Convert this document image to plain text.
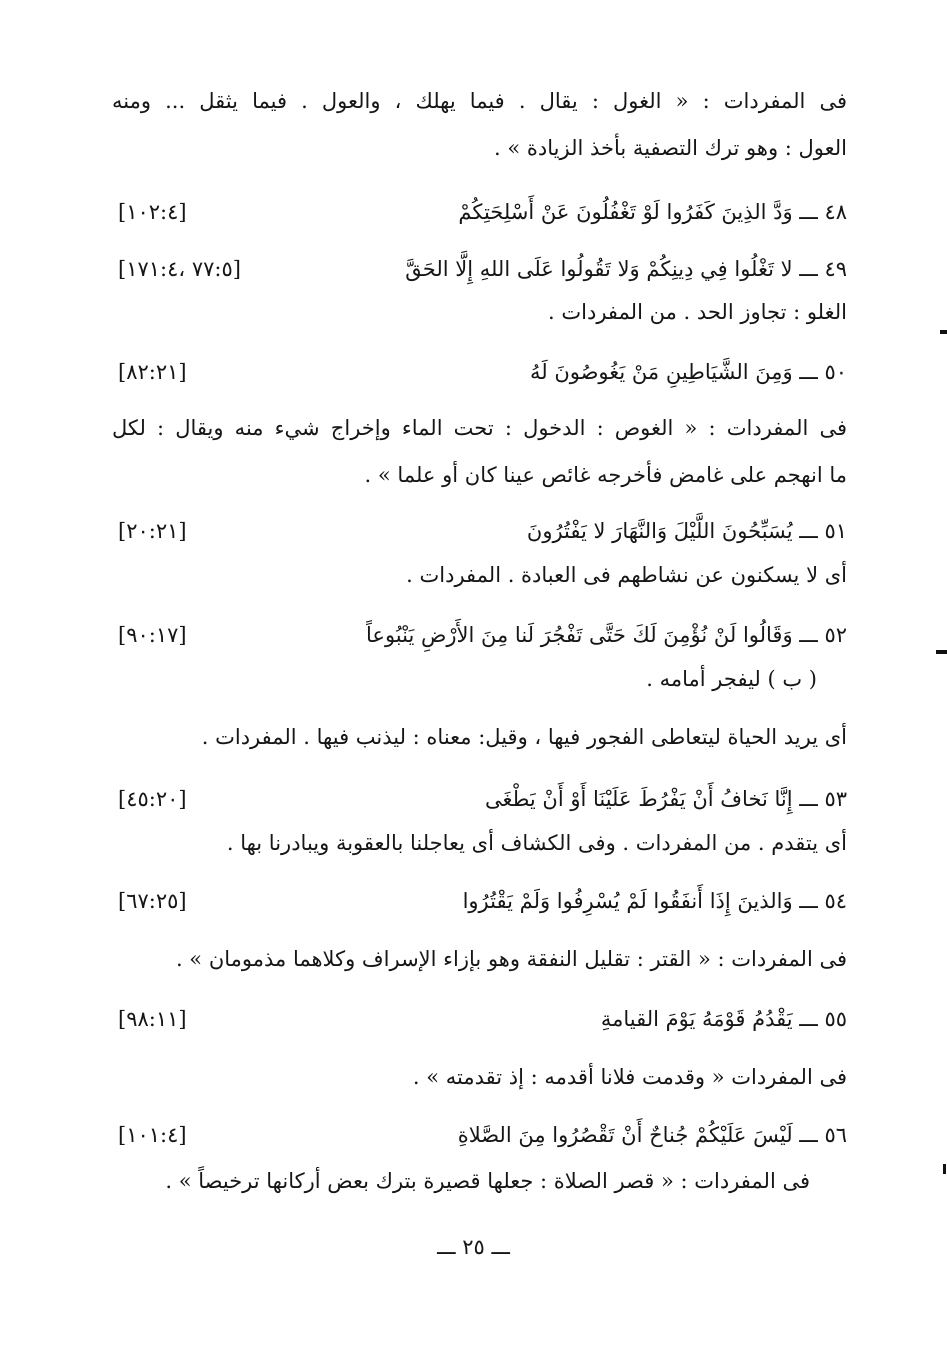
فى المفردات : « الغول : يقال . فيما يهلك ، والعول . فيما يثقل ... ومنه
العول : وهو ترك التصفية بأخذ الزيادة » .
٤٨ ـــ وَدَّ الذِينَ كَفَرُوا لَوْ تَغْفُلُونَ عَنْ أَسْلِحَتِكُمْ
[١٠٢:٤]
٤٩ ـــ لا تَغْلُوا فِي دِينِكُمْ وَلا تَقُولُوا عَلَى اللهِ إِلَّا الحَقَّ
[٧٧:٥ ،١٧١:٤]
الغلو : تجاوز الحد . من المفردات .
٥٠ ـــ وَمِنَ الشَّيَاطِينِ مَنْ يَغُوصُونَ لَهُ
[٨٢:٢١]
فى المفردات : « الغوص : الدخول : تحت الماء وإخراج شيء منه ويقال : لكل
ما انهجم على غامض فأخرجه غائص عينا كان أو علما » .
٥١ ـــ يُسَبِّحُونَ اللَّيْلَ وَالنَّهَارَ لا يَفْتُرُونَ
[٢٠:٢١]
أى لا يسكنون عن نشاطهم فى العبادة . المفردات .
٥٢ ـــ وَقَالُوا لَنْ نُؤْمِنَ لَكَ حَتَّى تَفْجُرَ لَنا مِنَ الأَرْضِ يَنْبُوعاً
[٩٠:١٧]
( ب ) ليفجر أمامه .
أى يريد الحياة ليتعاطى الفجور فيها ، وقيل: معناه : ليذنب فيها . المفردات .
٥٣ ـــ إِنَّا نَخافُ أَنْ يَفْرُطَ عَلَيْنَا أَوْ أَنْ يَطْغَى
[٤٥:٢٠]
أى يتقدم . من المفردات . وفى الكشاف أى يعاجلنا بالعقوبة ويبادرنا بها .
٥٤ ـــ وَالذينَ إِذَا أَنفَقُوا لَمْ يُسْرِفُوا وَلَمْ يَقْتُرُوا
[٦٧:٢٥]
فى المفردات : « القتر : تقليل النفقة وهو بإزاء الإسراف وكلاهما مذمومان » .
٥٥ ـــ يَقْدُمُ قَوْمَهُ يَوْمَ القيامةِ
[٩٨:١١]
فى المفردات « وقدمت فلانا أقدمه : إذ تقدمته » .
٥٦ ـــ لَيْسَ عَلَيْكُمْ جُناحٌ أَنْ تَقْصُرُوا مِنَ الصَّلاةِ
[١٠١:٤]
فى المفردات : « قصر الصلاة : جعلها قصيرة بترك بعض أركانها ترخيصاً » .
ـــ ٢٥ ـــ
